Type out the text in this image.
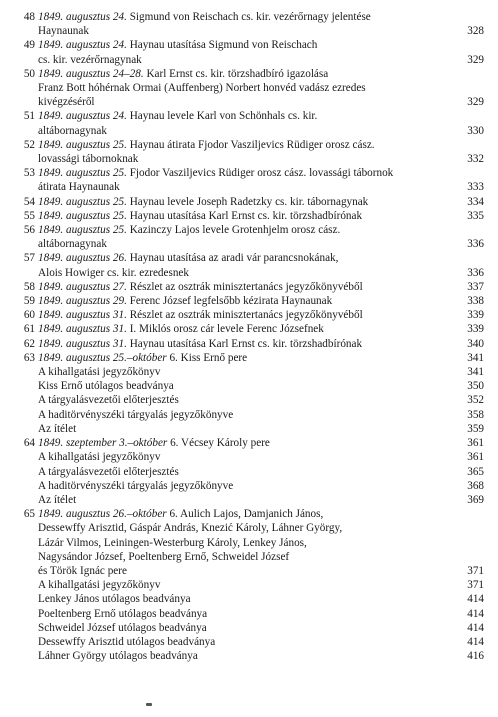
48 1849. augusztus 24. Sigmund von Reischach cs. kir. vezérőrnagy jelentése
Haynaunak	328
49 1849. augusztus 24. Haynau utasítása Sigmund von Reischach
cs. kir. vezérőrnagynak	329
50 1849. augusztus 24–28. Karl Ernst cs. kir. törzshadbíró igazolása
Franz Bott hóhérnak Ormai (Auffenberg) Norbert honvéd vadász ezredes
kivégzéséről	329
51 1849. augusztus 24. Haynau levele Karl von Schönhals cs. kir.
altábornagynak	330
52 1849. augusztus 25. Haynau átirata Fjodor Vasziljevics Rüdiger orosz cász.
lovassági tábornoknak	332
53 1849. augusztus 25. Fjodor Vasziljevics Rüdiger orosz cász. lovassági tábornok
átirata Haynaunak	333
54 1849. augusztus 25. Haynau levele Joseph Radetzky cs. kir. tábornagynak	334
55 1849. augusztus 25. Haynau utasítása Karl Ernst cs. kir. törzshadbírónak	335
56 1849. augusztus 25. Kazinczy Lajos levele Grotenhjelm orosz cász.
altábornagynak	336
57 1849. augusztus 26. Haynau utasítása az aradi vár parancsnokának,
Alois Howiger cs. kir. ezredesnek	336
58 1849. augusztus 27. Részlet az osztrák minisztertanács jegyzőkönyvéből	337
59 1849. augusztus 29. Ferenc József legfelsőbb kézirata Haynaunak	338
60 1849. augusztus 31. Részlet az osztrák minisztertanács jegyzőkönyvéből	339
61 1849. augusztus 31. I. Miklós orosz cár levele Ferenc Józsefnek	339
62 1849. augusztus 31. Haynau utasítása Karl Ernst cs. kir. törzshadbírónak	340
63 1849. augusztus 25.–október 6. Kiss Ernő pere	341
A kihallgatási jegyzőkönyv	341
Kiss Ernő utólagos beadványa	350
A tárgyalásvezetői előterjesztés	352
A haditörvényszéki tárgyalás jegyzőkönyve	358
Az ítélet	359
64 1849. szeptember 3.–október 6. Vécsey Károly pere	361
A kihallgatási jegyzőkönyv	361
A tárgyalásvezetői előterjesztés	365
A haditörvényszéki tárgyalás jegyzőkönyve	368
Az ítélet	369
65 1849. augusztus 26.–október 6. Aulich Lajos, Damjanich János,
Dessewffy Arisztid, Gáspár András, Knezić Károly, Láhner György,
Lázár Vilmos, Leiningen-Westerburg Károly, Lenkey János,
Nagysándor József, Poeltenberg Ernő, Schweidel József
és Török Ignác pere	371
A kihallgatási jegyzőkönyv	371
Lenkey János utólagos beadványa	414
Poeltenberg Ernő utólagos beadványa	414
Schweidel József utólagos beadványa	414
Dessewffy Arisztid utólagos beadványa	414
Láhner György utólagos beadványa	416
